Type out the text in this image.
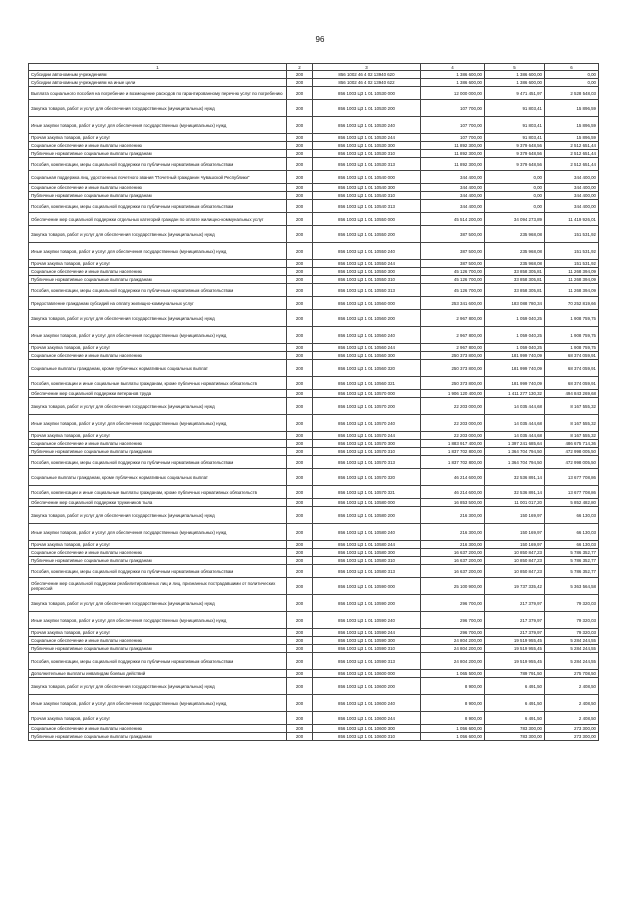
96
1	2	3	4	5	6
Субсидии автономным учреждениям	200	856 1002 46 4 02 13940 620	1 386 600,00	1 386 600,00	0,00
Субсидии автономным учреждениям на иные цели	200	856 1002 46 4 02 13940 622	1 386 600,00	1 386 600,00	0,00
Выплата социального пособия на погребение и возмещение расходов по гарантированному перечню услуг по погребению	200	856 1003 Ц3 1 01 10530 000	12 000 000,00	9 471 451,97	2 528 548,03
Закупка товаров, работ и услуг для обеспечения государственных (муниципальных) нужд	200	856 1003 Ц3 1 01 10530 200	107 700,00	91 803,41	15 896,59
Иные закупки товаров, работ и услуг для обеспечения государственных (муниципальных) нужд	200	856 1003 Ц3 1 01 10530 240	107 700,00	91 803,41	15 896,59
Прочая закупка товаров, работ и услуг	200	856 1003 Ц3 1 01 10530 244	107 700,00	91 803,41	15 896,59
Социальное обеспечение и иные выплаты населению	200	856 1003 Ц3 1 01 10530 300	11 892 300,00	9 379 648,56	2 512 651,44
Публичные нормативные социальные выплаты гражданам	200	856 1003 Ц3 1 01 10530 310	11 892 300,00	9 379 648,56	2 512 651,44
Пособия, компенсации, меры социальной поддержки по публичным нормативным обязательствам	200	856 1003 Ц3 1 01 10530 313	11 892 300,00	9 379 648,56	2 512 651,44
Социальная поддержка лиц, удостоенных почетного звания "Почетный гражданин Чувашской Республики"	200	856 1003 Ц3 1 01 10540 000	344 400,00	0,00	344 400,00
Социальное обеспечение и иные выплаты населению	200	856 1003 Ц3 1 01 10540 300	344 400,00	0,00	344 400,00
Публичные нормативные социальные выплаты гражданам	200	856 1003 Ц3 1 01 10540 310	344 400,00	0,00	344 400,00
Пособия, компенсации, меры социальной поддержки по публичным нормативным обязательствам	200	856 1003 Ц3 1 01 10540 313	344 400,00	0,00	344 400,00
Обеспечение мер социальной поддержки отдельных категорий граждан по оплате жилищно-коммунальных услуг	200	856 1003 Ц3 1 01 10550 000	45 514 200,00	34 094 273,89	11 419 926,01
Закупка товаров, работ и услуг для обеспечения государственных (муниципальных) нужд	200	856 1003 Ц3 1 01 10550 200	387 500,00	235 968,08	151 531,92
Иные закупки товаров, работ и услуг для обеспечения государственных (муниципальных) нужд	200	856 1003 Ц3 1 01 10550 240	387 500,00	235 968,08	151 531,92
Прочая закупка товаров, работ и услуг	200	856 1003 Ц3 1 01 10550 244	387 500,00	235 968,08	151 531,92
Социальное обеспечение и иные выплаты населению	200	856 1003 Ц3 1 01 10550 300	45 126 700,00	33 858 305,81	11 268 394,09
Публичные нормативные социальные выплаты гражданам	200	856 1003 Ц3 1 01 10550 310	45 126 700,00	33 858 305,81	11 268 394,09
Пособия, компенсации, меры социальной поддержки по публичным нормативным обязательствам	200	856 1003 Ц3 1 01 10550 313	45 126 700,00	33 858 305,81	11 268 394,09
Предоставление гражданам субсидий на оплату жилищно-коммунальных услуг	200	856 1003 Ц3 1 01 10560 000	253 341 600,00	183 088 780,34	70 252 819,66
Закупка товаров, работ и услуг для обеспечения государственных (муниципальных) нужд	200	856 1003 Ц3 1 01 10560 200	2 967 800,00	1 059 040,25	1 908 759,75
Иные закупки товаров, работ и услуг для обеспечения государственных (муниципальных) нужд	200	856 1003 Ц3 1 01 10560 240	2 967 800,00	1 059 040,25	1 908 759,75
Прочая закупка товаров, работ и услуг	200	856 1003 Ц3 1 01 10560 244	2 967 800,00	1 059 040,25	1 908 759,75
Социальное обеспечение и иные выплаты населению	200	856 1003 Ц3 1 01 10560 300	250 373 800,00	181 999 740,09	68 374 059,91
Социальные выплаты гражданам, кроме публичных нормативных социальных выплат	200	856 1003 Ц3 1 01 10560 320	250 373 800,00	181 999 740,09	68 374 059,91
Пособия, компенсации и иные социальные выплаты гражданам, кроме публичных нормативных обязательств	200	856 1003 Ц3 1 01 10560 321	250 373 800,00	181 999 740,09	68 374 059,91
Обеспечение мер социальной поддержки ветеранов труда	200	856 1003 Ц3 1 01 10570 000	1 906 120 400,00	1 411 277 130,32	494 843 269,68
Закупка товаров, работ и услуг для обеспечения государственных (муниципальных) нужд	200	856 1003 Ц3 1 01 10570 200	22 203 000,00	14 035 444,68	8 167 555,32
Иные закупки товаров, работ и услуг для обеспечения государственных (муниципальных) нужд	200	856 1003 Ц3 1 01 10570 240	22 203 000,00	14 035 444,68	8 167 555,32
Прочая закупка товаров, работ и услуг	200	856 1003 Ц3 1 01 10570 244	22 203 000,00	14 035 444,68	8 167 555,32
Социальное обеспечение и иные выплаты населению	200	856 1003 Ц3 1 01 10570 300	1 883 917 400,00	1 397 241 685,64	486 675 714,36
Публичные нормативные социальные выплаты гражданам	200	856 1003 Ц3 1 01 10570 310	1 837 702 800,00	1 364 704 794,50	472 998 005,50
Пособия, компенсации, меры социальной поддержки по публичным нормативным обязательствам	200	856 1003 Ц3 1 01 10570 313	1 837 702 800,00	1 364 704 794,50	472 998 005,50
Социальные выплаты гражданам, кроме публичных нормативных социальных выплат	200	856 1003 Ц3 1 01 10570 320	46 214 600,00	32 536 891,14	13 677 708,86
Пособия, компенсации и иные социальные выплаты гражданам, кроме публичных нормативных обязательств	200	856 1003 Ц3 1 01 10570 321	46 214 600,00	32 536 891,14	13 677 708,86
Обеспечение мер социальной поддержки тружеников тыла	200	856 1003 Ц3 1 01 10580 000	16 853 500,00	11 001 017,20	5 852 482,80
Закупка товаров, работ и услуг для обеспечения государственных (муниципальных) нужд	200	856 1003 Ц3 1 01 10580 200	216 300,00	150 169,97	66 130,03
Иные закупки товаров, работ и услуг для обеспечения государственных (муниципальных) нужд	200	856 1003 Ц3 1 01 10580 240	216 300,00	150 169,97	66 130,03
Прочая закупка товаров, работ и услуг	200	856 1003 Ц3 1 01 10580 244	216 300,00	150 169,97	66 130,03
Социальное обеспечение и иные выплаты населению	200	856 1003 Ц3 1 01 10580 300	16 637 200,00	10 850 847,23	5 786 352,77
Публичные нормативные социальные выплаты гражданам	200	856 1003 Ц3 1 01 10580 310	16 637 200,00	10 850 847,23	5 786 352,77
Пособия, компенсации, меры социальной поддержки по публичным нормативным обязательствам	200	856 1003 Ц3 1 01 10580 313	16 637 200,00	10 850 847,23	5 786 352,77
Обеспечение мер социальной поддержки реабилитированных лиц и лиц, признанных пострадавшими от политических репрессий	200	856 1003 Ц3 1 01 10590 000	25 100 900,00	19 737 335,42	5 363 564,58
Закупка товаров, работ и услуг для обеспечения государственных (муниципальных) нужд	200	856 1003 Ц3 1 01 10590 200	296 700,00	217 379,97	79 320,03
Иные закупки товаров, работ и услуг для обеспечения государственных (муниципальных) нужд	200	856 1003 Ц3 1 01 10590 240	296 700,00	217 379,97	79 320,03
Прочая закупка товаров, работ и услуг	200	856 1003 Ц3 1 01 10590 244	296 700,00	217 379,97	79 320,03
Социальное обеспечение и иные выплаты населению	200	856 1003 Ц3 1 01 10590 300	24 804 200,00	19 519 955,45	5 284 244,55
Публичные нормативные социальные выплаты гражданам	200	856 1003 Ц3 1 01 10590 310	24 804 200,00	19 519 955,45	5 284 244,55
Пособия, компенсации, меры социальной поддержки по публичным нормативным обязательствам	200	856 1003 Ц3 1 01 10590 313	24 804 200,00	19 519 955,45	5 284 244,55
Дополнительные выплаты инвалидам боевых действий	200	856 1003 Ц3 1 01 10600 000	1 065 500,00	789 791,50	275 708,50
Закупка товаров, работ и услуг для обеспечения государственных (муниципальных) нужд	200	856 1003 Ц3 1 01 10600 200	8 900,00	6 491,50	2 408,50
Иные закупки товаров, работ и услуг для обеспечения государственных (муниципальных) нужд	200	856 1003 Ц3 1 01 10600 240	8 900,00	6 491,50	2 408,50
Прочая закупка товаров, работ и услуг	200	856 1003 Ц3 1 01 10600 244	8 900,00	6 491,50	2 408,50
Социальное обеспечение и иные выплаты населению	200	856 1003 Ц3 1 01 10600 300	1 056 600,00	783 300,00	273 300,00
Публичные нормативные социальные выплаты гражданам	200	856 1003 Ц3 1 01 10600 310	1 056 600,00	783 300,00	273 300,00
